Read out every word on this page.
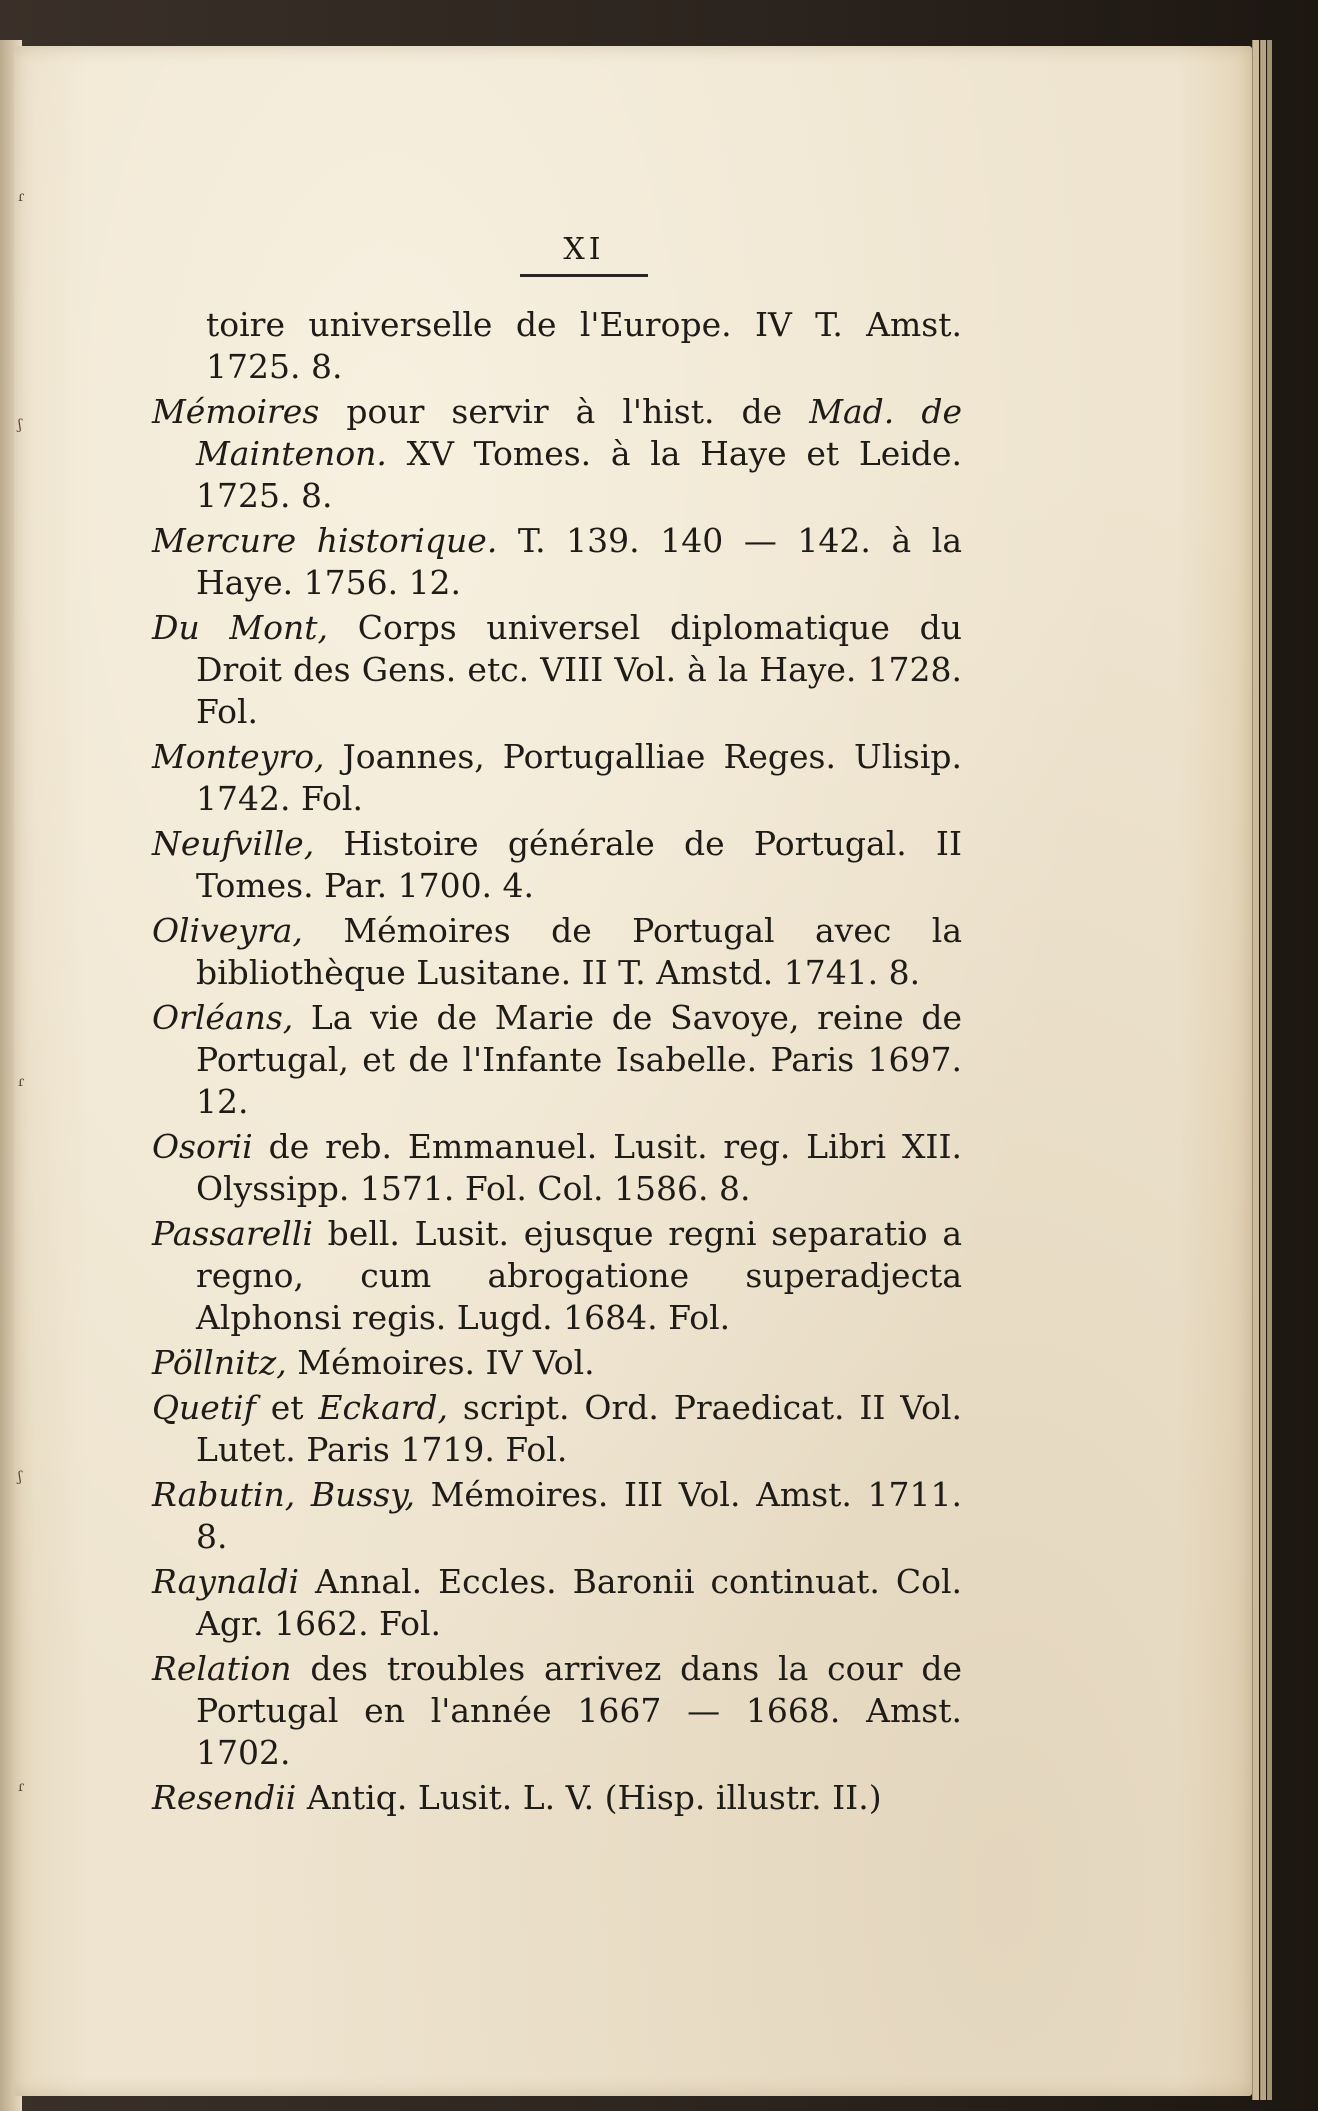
ɾ
ʃ
ɾ
ʃ
ɾ
XI
toire universelle de l'Europe. IV T. Amst. 1725. 8.
Mémoires pour servir à l'hist. de Mad. de Maintenon. XV Tomes. à la Haye et Leide. 1725. 8.
Mercure historique. T. 139. 140 — 142. à la Haye. 1756. 12.
Du Mont, Corps universel diplomatique du Droit des Gens. etc. VIII Vol. à la Haye. 1728. Fol.
Monteyro, Joannes, Portugalliae Reges. Ulisip. 1742. Fol.
Neufville, Histoire générale de Portugal. II Tomes. Par. 1700. 4.
Oliveyra, Mémoires de Portugal avec la bibliothèque Lusitane. II T. Amstd. 1741. 8.
Orléans, La vie de Marie de Savoye, reine de Portugal, et de l'Infante Isabelle. Paris 1697. 12.
Osorii de reb. Emmanuel. Lusit. reg. Libri XII. Olyssipp. 1571. Fol. Col. 1586. 8.
Passarelli bell. Lusit. ejusque regni separatio a regno, cum abrogatione superadjecta Alphonsi regis. Lugd. 1684. Fol.
Pöllnitz, Mémoires. IV Vol.
Quetif et Eckard, script. Ord. Praedicat. II Vol. Lutet. Paris 1719. Fol.
Rabutin, Bussy, Mémoires. III Vol. Amst. 1711. 8.
Raynaldi Annal. Eccles. Baronii continuat. Col. Agr. 1662. Fol.
Relation des troubles arrivez dans la cour de Portugal en l'année 1667 — 1668. Amst. 1702.
Resendii Antiq. Lusit. L. V. (Hisp. illustr. II.)
